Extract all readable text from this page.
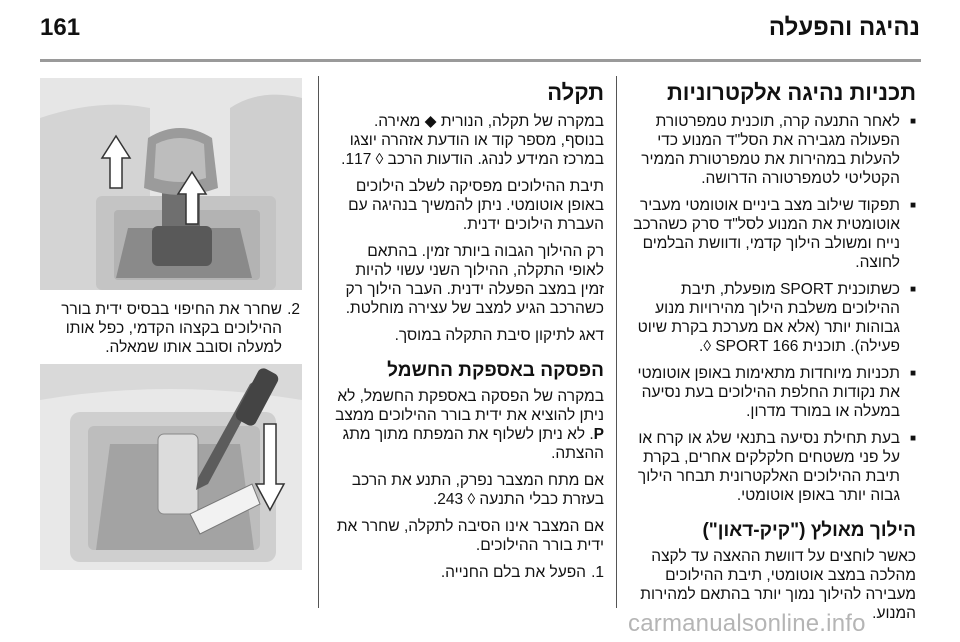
161	נהיגה והפעלה
תכניות נהיגה אלקטרוניות
■ לאחר התנעה קרה, תוכנית טמפרטורת הפעולה מגבירה את הסל"ד המנוע כדי להעלות במהירות את טמפרטורת הממיר הקטליטי לטמפרטורה הדרושה.
■ תפקוד שילוב מצב ביניים אוטומטי מעביר אוטומטית את המנוע לסל"ד סרק כשהרכב נייח ומשולב הילוך קדמי, ודוושת הבלמים לחוצה.
■ כשתוכנית SPORT מופעלת, תיבת ההילוכים משלבת הילוך מהירויות מנוע גבוהות יותר (אלא אם מערכת בקרת שיוט פעילה). תוכנית SPORT 166 ◊.
■ תכניות מיוחדות מתאימות באופן אוטומטי את נקודות החלפת ההילוכים בעת נסיעה במעלה או במורד מדרון.
■ בעת תחילת נסיעה בתנאי שלג או קרח או על פני משטחים חלקלקים אחרים, בקרת תיבת ההילוכים האלקטרונית תבחר הילוך גבוה יותר באופן אוטומטי.
הילוך מאולץ ("קיק-דאון")

כאשר לוחצים על דוושת ההאצה עד לקצה מהלכה במצב אוטומטי, תיבת ההילוכים מעבירה להילוך נמוך יותר בהתאם למהירות המנוע.

תקלה

במקרה של תקלה, הנורית ◆ מאירה. בנוסף, מספר קוד או הודעת אזהרה יוצגו במרכז המידע לנהג. הודעות הרכב ◊ 117.

תיבת ההילוכים מפסיקה לשלב הילוכים באופן אוטומטי. ניתן להמשיך בנהיגה עם העברת הילוכים ידנית.

רק ההילוך הגבוה ביותר זמין. בהתאם לאופי התקלה, ההילוך השני עשוי להיות זמין במצב הפעלה ידנית. העבר הילוך רק כשהרכב הגיע למצב של עצירה מוחלטת.

דאג לתיקון סיבת התקלה במוסך.

הפסקה באספקת החשמל

במקרה של הפסקה באספקת החשמל, לא ניתן להוציא את ידית בורר ההילוכים ממצב P. לא ניתן לשלוף את המפתח מתוך מתג ההצתה.

אם מתח המצבר נפרק, התנע את הרכב בעזרת כבלי התנעה ◊ 243.

אם המצבר אינו הסיבה לתקלה, שחרר את ידית בורר ההילוכים.

1.
הפעל את בלם החנייה.

2.
שחרר את החיפוי בבסיס ידית בורר ההילוכים בקצהו הקדמי, כפל אותו למעלה וסובב אותו שמאלה.

carmanualsonline.info
